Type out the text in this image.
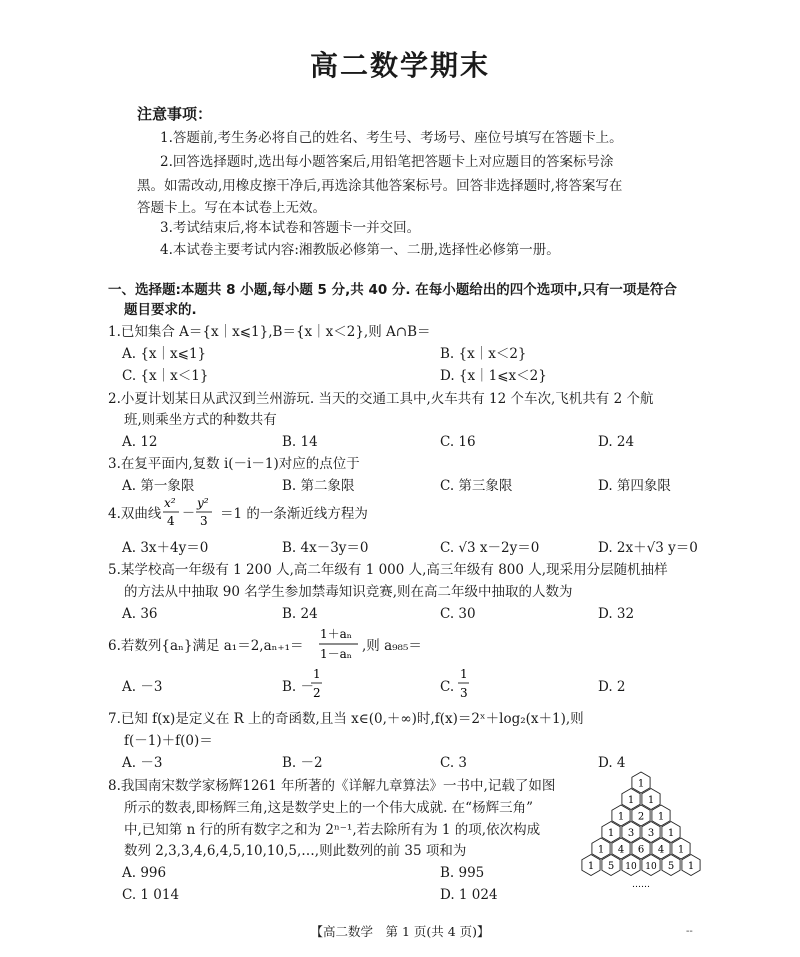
高二数学期末
注意事项：
1.答题前,考生务必将自己的姓名、考生号、考场号、座位号填写在答题卡上。
2.回答选择题时,选出每小题答案后,用铅笔把答题卡上对应题目的答案标号涂
黑。如需改动,用橡皮擦干净后,再选涂其他答案标号。回答非选择题时,将答案写在
答题卡上。写在本试卷上无效。
3.考试结束后,将本试卷和答题卡一并交回。
4.本试卷主要考试内容:湘教版必修第一、二册,选择性必修第一册。
一、选择题:本题共 8 小题,每小题 5 分,共 40 分. 在每小题给出的四个选项中,只有一项是符合
题目要求的.
1.已知集合 A＝{x｜x⩽1},B＝{x｜x＜2},则 A∩B＝
A. {x｜x⩽1}	B. {x｜x＜2}
C. {x｜x＜1}	D. {x｜1⩽x＜2}
2.小夏计划某日从武汉到兰州游玩. 当天的交通工具中,火车共有 12 个车次,飞机共有 2 个航
班,则乘坐方式的种数共有
A. 12	B. 14	C. 16	D. 24
3.在复平面内,复数 i(－i－1)对应的点位于
A. 第一象限	B. 第二象限	C. 第三象限	D. 第四象限
4.双曲线
x²
4 －
y²
3 ＝1 的一条渐近线方程为
A. 3x＋4y＝0	B. 4x－3y＝0	C. √3 x－2y＝0	D. 2x＋√3 y＝0
5.某学校高一年级有 1 200 人,高二年级有 1 000 人,高三年级有 800 人,现采用分层随机抽样
的方法从中抽取 90 名学生参加禁毒知识竞赛,则在高二年级中抽取的人数为
A. 36	B. 24	C. 30	D. 32
6.若数列{aₙ}满足 a₁＝2,aₙ₊₁＝
1＋aₙ
1－aₙ ,则 a₉₈₅＝
A. －3	B. －
1
2	C.
1
3	D. 2
7.已知 f(x)是定义在 R 上的奇函数,且当 x∈(0,＋∞)时,f(x)＝2ˣ＋log₂(x＋1),则
f(－1)＋f(0)＝
A. －3	B. －2	C. 3	D. 4
8.我国南宋数学家杨辉1261 年所著的《详解九章算法》一书中,记载了如图
所示的数表,即杨辉三角,这是数学史上的一个伟大成就. 在“杨辉三角”
中,已知第 n 行的所有数字之和为 2ⁿ⁻¹,若去除所有为 1 的项,依次构成
数列 2,3,3,4,6,4,5,10,10,5,…,则此数列的前 35 项和为
A. 996	B. 995
C. 1 014	D. 1 024
1
1 1
1 2 1
1 3 3 1
1 4 6 4 1
1 5 10 10 5 1
……
【高二数学　第 1 页(共 4 页)】	--
